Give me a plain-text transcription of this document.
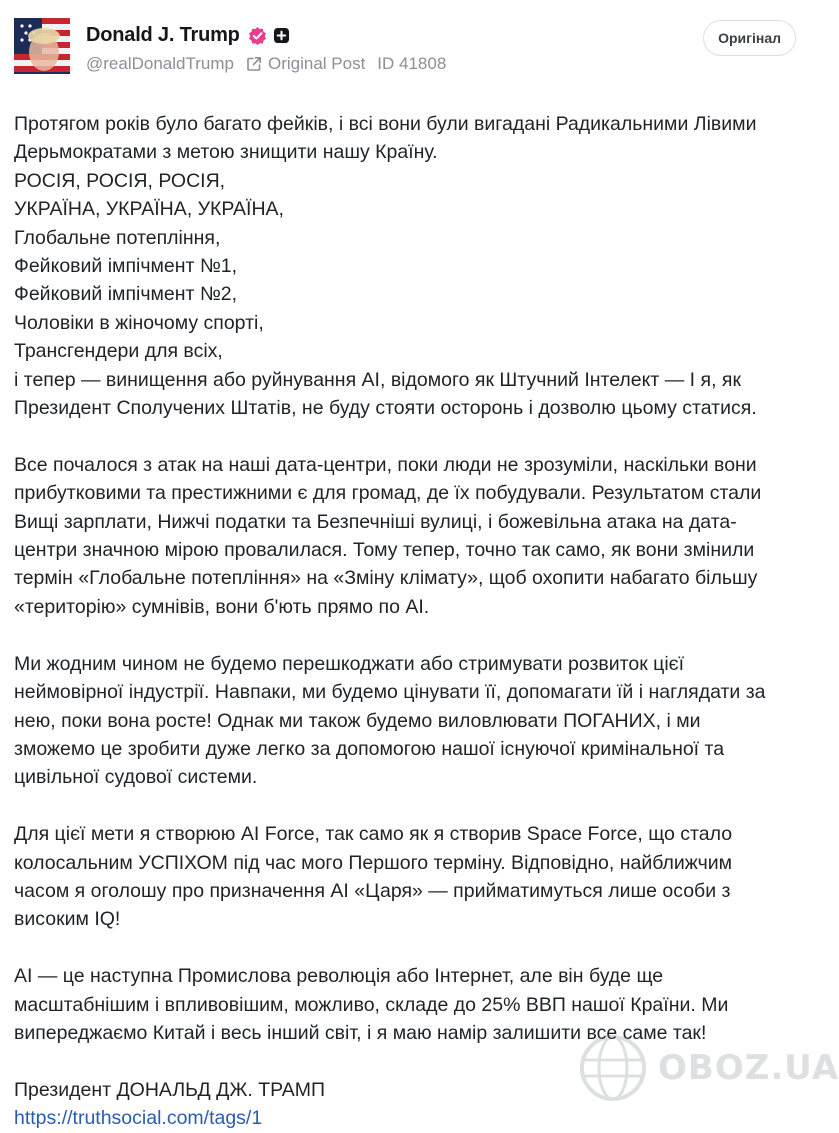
Donald J. Trump
@realDonaldTrump Original Post ID 41808
Оригінал

Протягом років було багато фейків, і всі вони були вигадані Радикальними Лівими
Дерьмократами з метою знищити нашу Країну.
РОСІЯ, РОСІЯ, РОСІЯ,
УКРАЇНА, УКРАЇНА, УКРАЇНА,
Глобальне потепління,
Фейковий імпічмент №1,
Фейковий імпічмент №2,
Чоловіки в жіночому спорті,
Трансгендери для всіх,
і тепер — винищення або руйнування AI, відомого як Штучний Інтелект — І я, як
Президент Сполучених Штатів, не буду стояти осторонь і дозволю цьому статися.

Все почалося з атак на наші дата-центри, поки люди не зрозуміли, наскільки вони
прибутковими та престижними є для громад, де їх побудували. Результатом стали
Вищі зарплати, Нижчі податки та Безпечніші вулиці, і божевільна атака на дата-
центри значною мірою провалилася. Тому тепер, точно так само, як вони змінили
термін «Глобальне потепління» на «Зміну клімату», щоб охопити набагато більшу
«територію» сумнівів, вони б'ють прямо по AI.

Ми жодним чином не будемо перешкоджати або стримувати розвиток цієї
неймовірної індустрії. Навпаки, ми будемо цінувати її, допомагати їй і наглядати за
нею, поки вона росте! Однак ми також будемо виловлювати ПОГАНИХ, і ми
зможемо це зробити дуже легко за допомогою нашої існуючої кримінальної та
цивільної судової системи.

Для цієї мети я створюю AI Force, так само як я створив Space Force, що стало
колосальним УСПІХОМ під час мого Першого терміну. Відповідно, найближчим
часом я оголошу про призначення AI «Царя» — прийматимуться лише особи з
високим IQ!

AI — це наступна Промислова революція або Інтернет, але він буде ще
масштабнішим і впливовішим, можливо, складе до 25% ВВП нашої Країни. Ми
випереджаємо Китай і весь інший світ, і я маю намір залишити все саме так!

Президент ДОНАЛЬД ДЖ. ТРАМП
https://truthsocial.com/tags/1

OBOZ.UA
